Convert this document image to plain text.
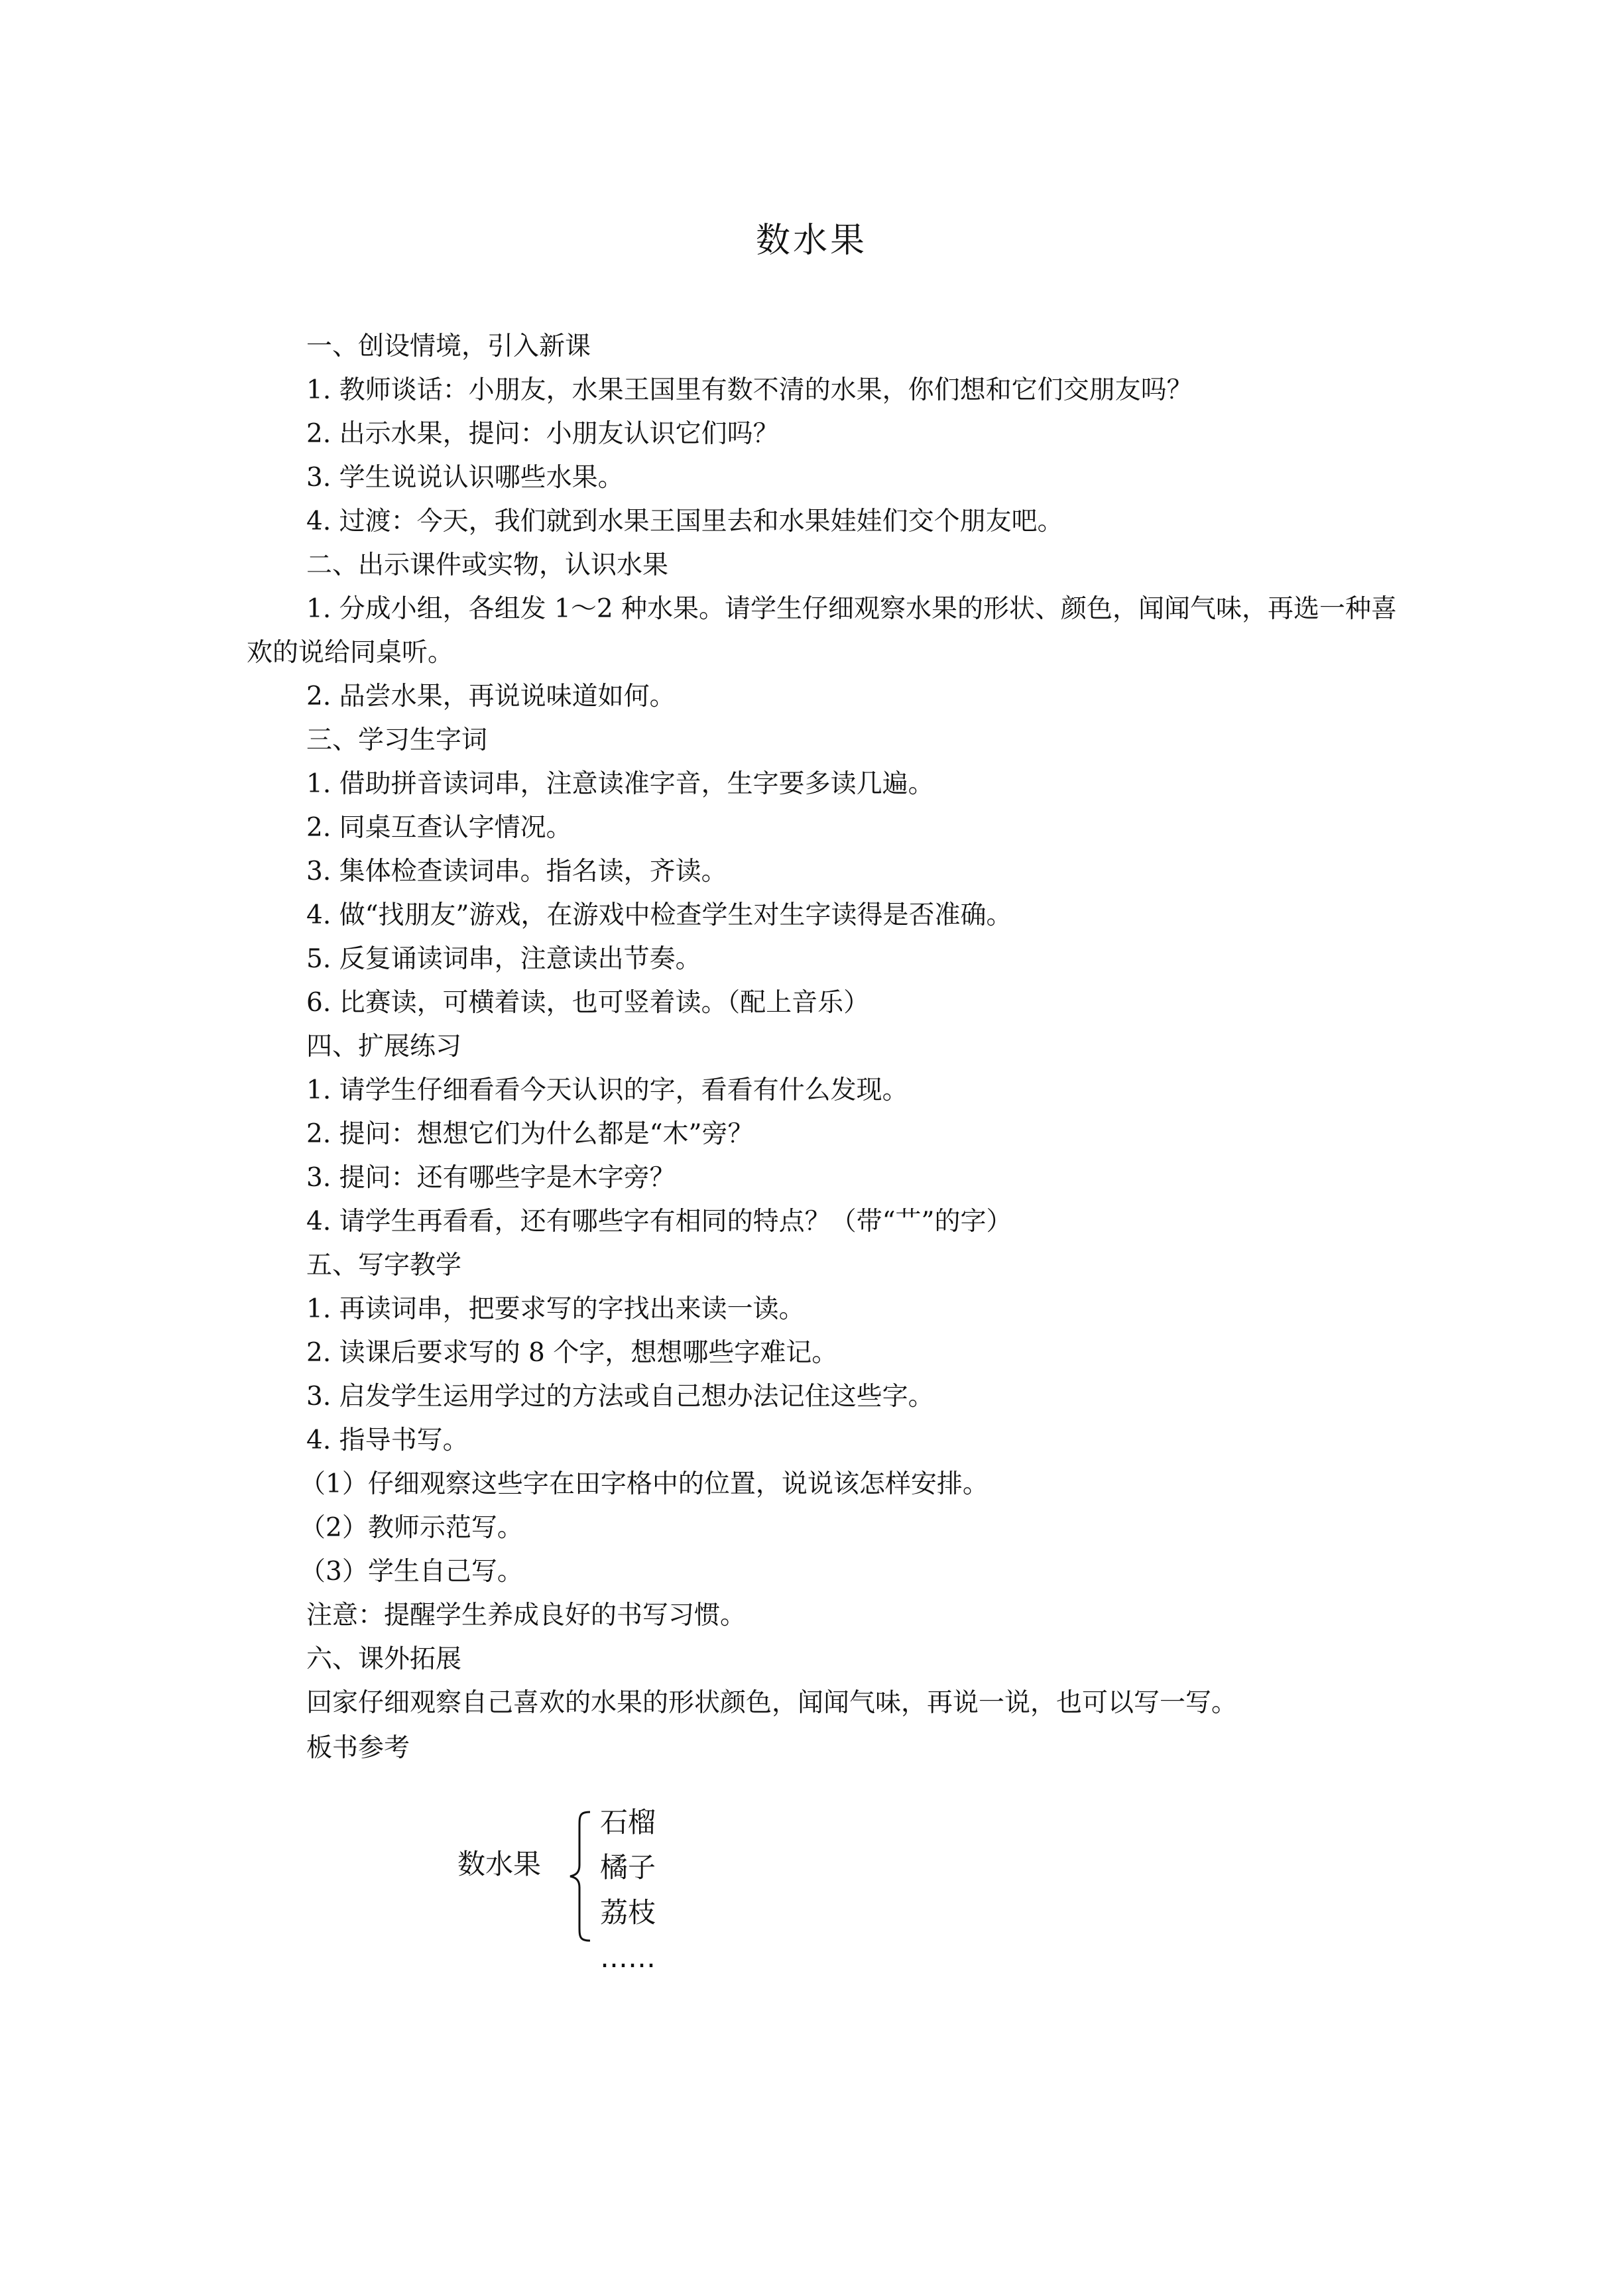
数水果
一、创设情境，引入新课
1. 教师谈话：小朋友，水果王国里有数不清的水果，你们想和它们交朋友吗？
2. 出示水果，提问：小朋友认识它们吗？
3. 学生说说认识哪些水果。
4. 过渡：今天，我们就到水果王国里去和水果娃娃们交个朋友吧。
二、出示课件或实物，认识水果
1. 分成小组，各组发 1～2 种水果。请学生仔细观察水果的形状、颜色，闻闻气味，再选一种喜欢的说给同桌听。
2. 品尝水果，再说说味道如何。
三、学习生字词
1. 借助拼音读词串，注意读准字音，生字要多读几遍。
2. 同桌互查认字情况。
3. 集体检查读词串。指名读，齐读。
4. 做“找朋友”游戏，在游戏中检查学生对生字读得是否准确。
5. 反复诵读词串，注意读出节奏。
6. 比赛读，可横着读，也可竖着读。（配上音乐）
四、扩展练习
1. 请学生仔细看看今天认识的字，看看有什么发现。
2. 提问：想想它们为什么都是“木”旁？
3. 提问：还有哪些字是木字旁？
4. 请学生再看看，还有哪些字有相同的特点？（带“艹”的字）
五、写字教学
1. 再读词串，把要求写的字找出来读一读。
2. 读课后要求写的 8 个字，想想哪些字难记。
3. 启发学生运用学过的方法或自己想办法记住这些字。
4. 指导书写。
（1）仔细观察这些字在田字格中的位置，说说该怎样安排。
（2）教师示范写。
（3）学生自己写。
注意：提醒学生养成良好的书写习惯。
六、课外拓展
回家仔细观察自己喜欢的水果的形状颜色，闻闻气味，再说一说，也可以写一写。
板书参考
数水果
石榴
橘子
荔枝
……
